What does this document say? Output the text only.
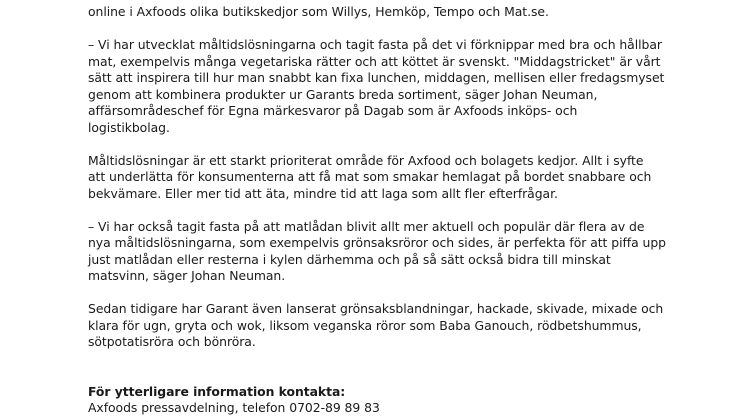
online i Axfoods olika butikskedjor som Willys, Hemköp, Tempo och Mat.se.
– Vi har utvecklat måltidslösningarna och tagit fasta på det vi förknippar med bra och hållbar
mat, exempelvis många vegetariska rätter och att köttet är svenskt. "Middagstricket" är vårt
sätt att inspirera till hur man snabbt kan fixa lunchen, middagen, mellisen eller fredagsmyset
genom att kombinera produkter ur Garants breda sortiment, säger Johan Neuman,
affärsområdeschef för Egna märkesvaror på Dagab som är Axfoods inköps- och
logistikbolag.
Måltidslösningar är ett starkt prioriterat område för Axfood och bolagets kedjor. Allt i syfte
att underlätta för konsumenterna att få mat som smakar hemlagat på bordet snabbare och
bekvämare. Eller mer tid att äta, mindre tid att laga som allt fler efterfrågar.
– Vi har också tagit fasta på att matlådan blivit allt mer aktuell och populär där flera av de
nya måltidslösningarna, som exempelvis grönsaksröror och sides, är perfekta för att piffa upp
just matlådan eller resterna i kylen därhemma och på så sätt också bidra till minskat
matsvinn, säger Johan Neuman.
Sedan tidigare har Garant även lanserat grönsaksblandningar, hackade, skivade, mixade och
klara för ugn, gryta och wok, liksom veganska röror som Baba Ganouch, rödbetshummus,
sötpotatisröra och bönröra.
För ytterligare information kontakta:
Axfoods pressavdelning, telefon 0702-89 89 83
